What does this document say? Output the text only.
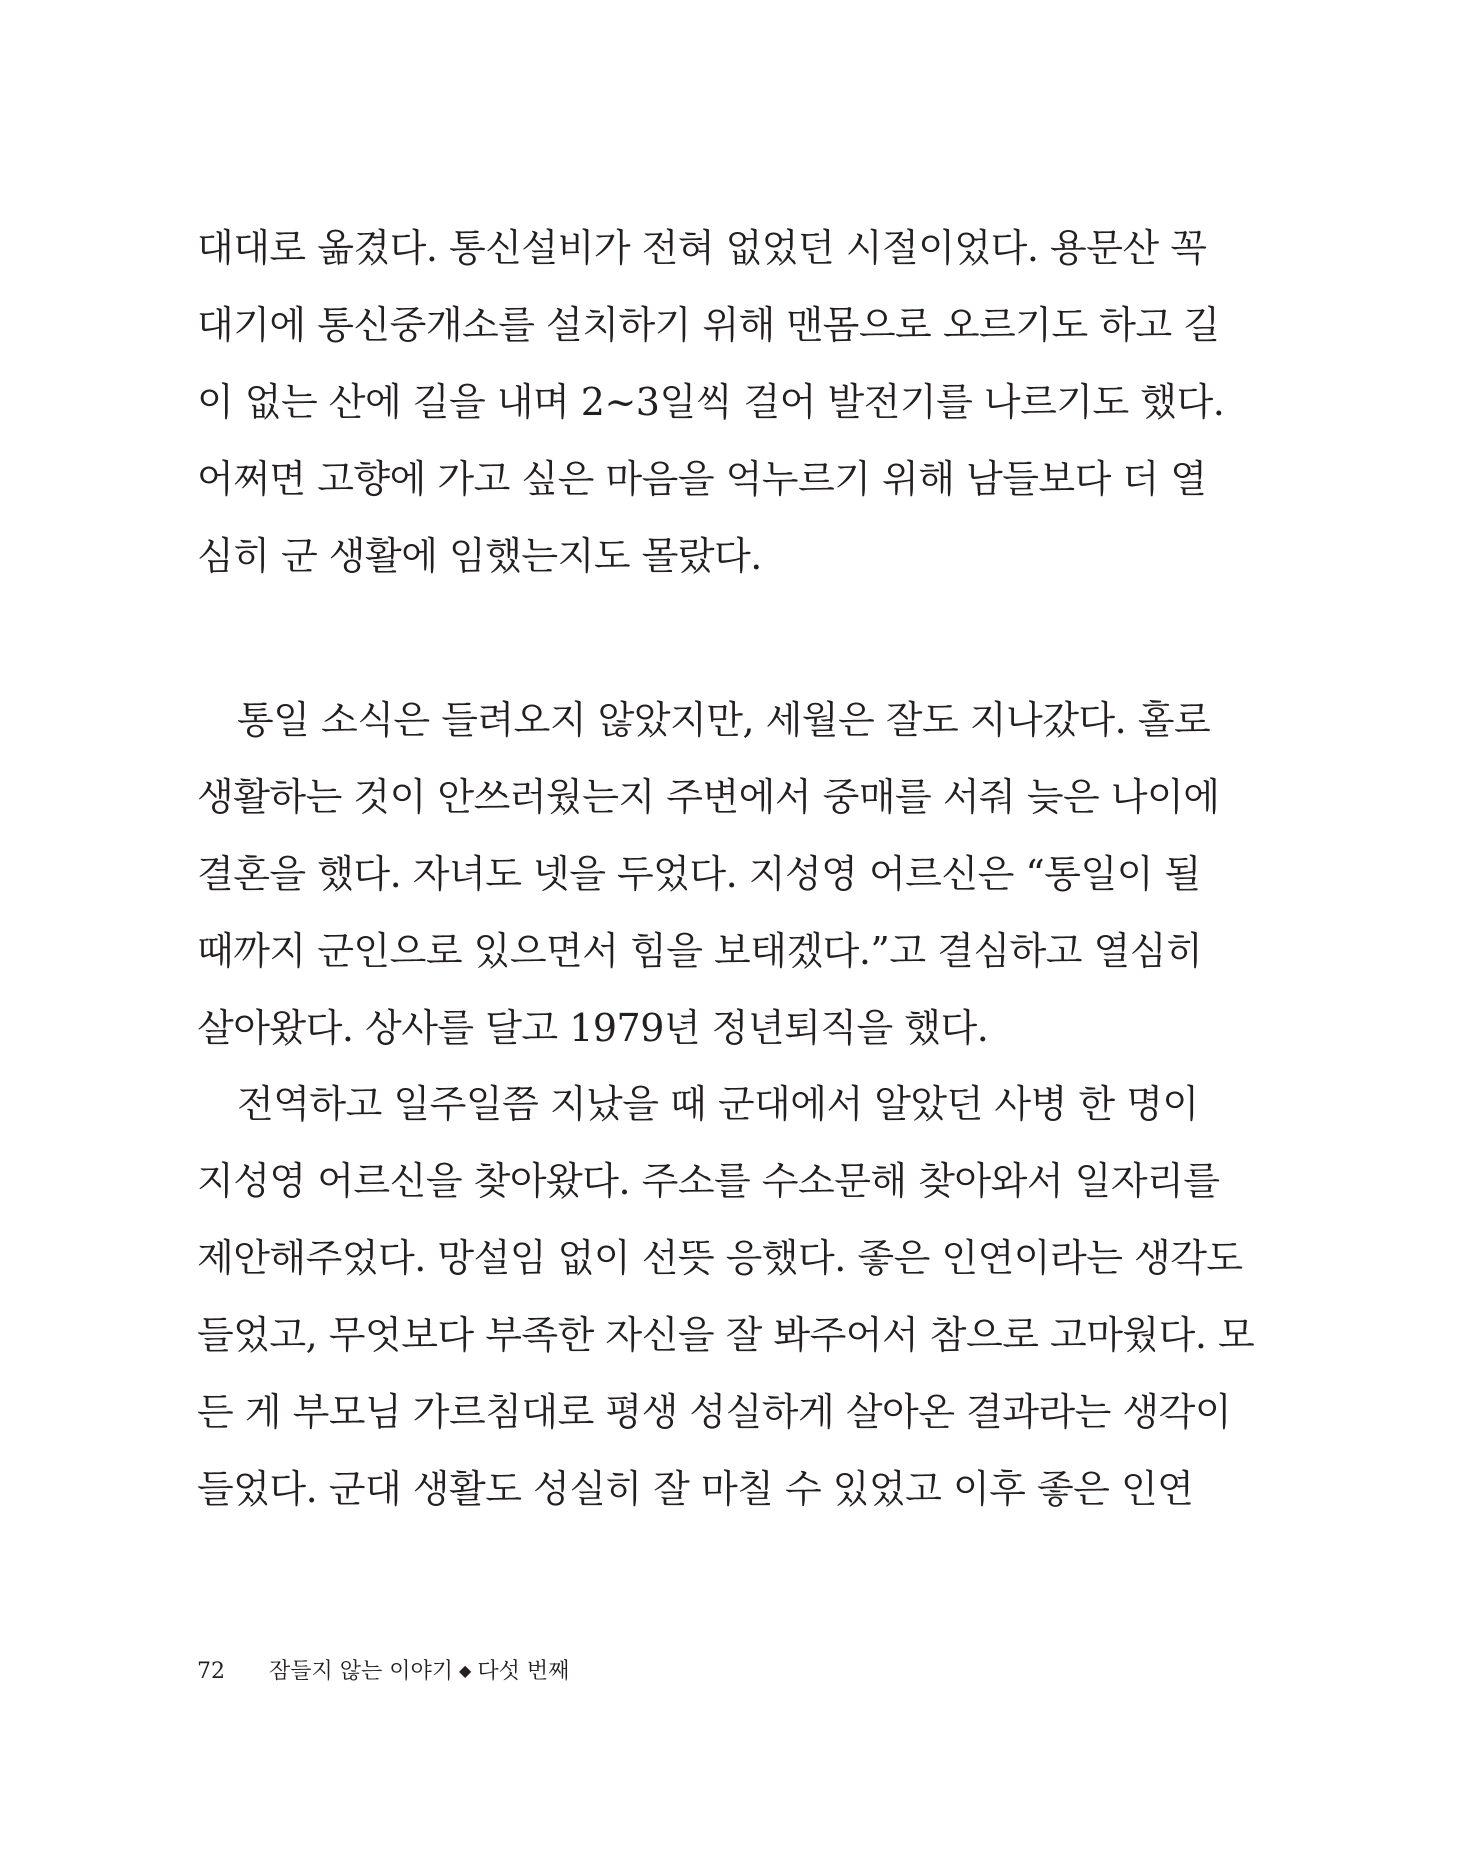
대대로 옮겼다. 통신설비가 전혀 없었던 시절이었다. 용문산 꼭
대기에 통신중개소를 설치하기 위해 맨몸으로 오르기도 하고 길
이 없는 산에 길을 내며 2~3일씩 걸어 발전기를 나르기도 했다.
어쩌면 고향에 가고 싶은 마음을 억누르기 위해 남들보다 더 열
심히 군 생활에 임했는지도 몰랐다.
통일 소식은 들려오지 않았지만, 세월은 잘도 지나갔다. 홀로
생활하는 것이 안쓰러웠는지 주변에서 중매를 서줘 늦은 나이에
결혼을 했다. 자녀도 넷을 두었다. 지성영 어르신은 “통일이 될
때까지 군인으로 있으면서 힘을 보태겠다.”고 결심하고 열심히
살아왔다. 상사를 달고 1979년 정년퇴직을 했다.
전역하고 일주일쯤 지났을 때 군대에서 알았던 사병 한 명이
지성영 어르신을 찾아왔다. 주소를 수소문해 찾아와서 일자리를
제안해주었다. 망설임 없이 선뜻 응했다. 좋은 인연이라는 생각도
들었고, 무엇보다 부족한 자신을 잘 봐주어서 참으로 고마웠다. 모
든 게 부모님 가르침대로 평생 성실하게 살아온 결과라는 생각이
들었다. 군대 생활도 성실히 잘 마칠 수 있었고 이후 좋은 인연
72 잠들지 않는 이야기 ◆ 다섯 번째
